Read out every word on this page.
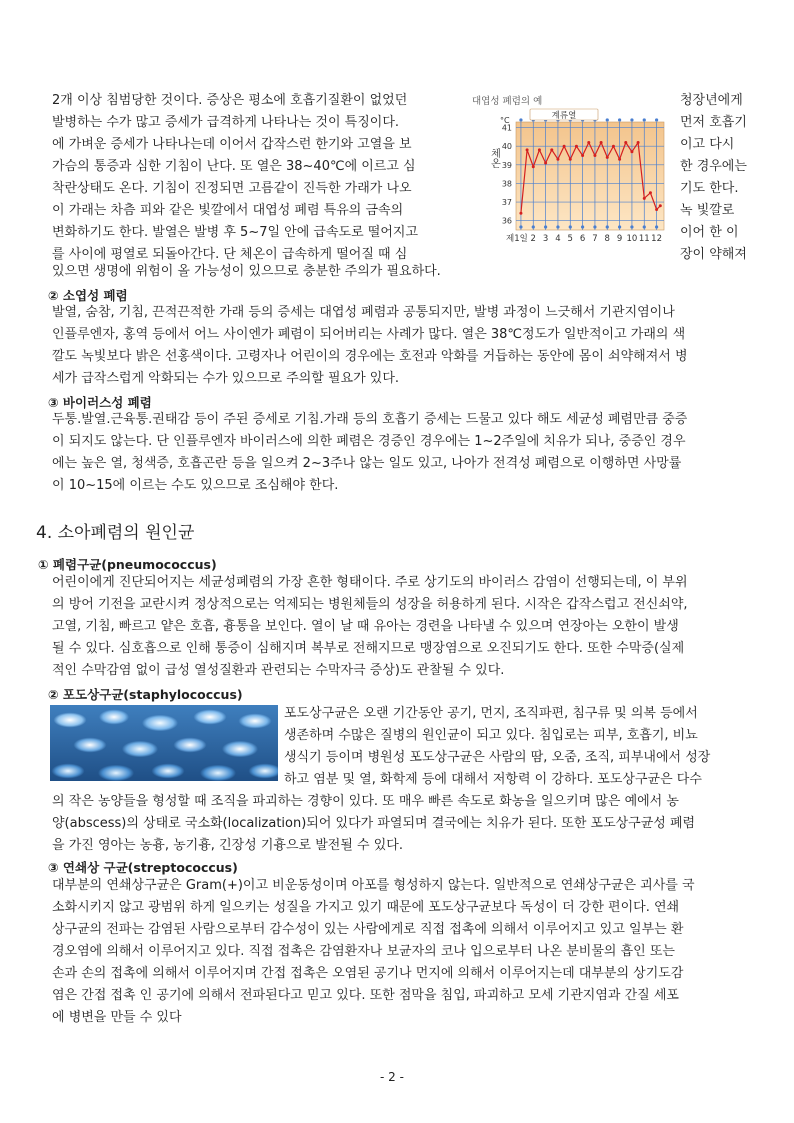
2개 이상 침범당한 것이다. 증상은 평소에 호흡기질환이 없었던
발병하는 수가 많고 증세가 급격하게 나타나는 것이 특징이다.
에 가벼운 증세가 나타나는데 이어서 갑작스런 한기와 고열을 보
가슴의 통증과 심한 기침이 난다. 또 열은 38~40℃에 이르고 심
착란상태도 온다. 기침이 진정되면 고름같이 진득한 가래가 나오
이 가래는 차츰 피와 같은 빛깔에서 대엽성 폐렴 특유의 금속의
변화하기도 한다. 발열은 발병 후 5~7일 안에 급속도로 떨어지고
를 사이에 평열로 되돌아간다. 단 체온이 급속하게 떨어질 때 심
청장년에게
먼저 호흡기
이고 다시
한 경우에는
기도 한다.
녹 빛깔로
이어 한 이
장이 약해져
있으면 생명에 위험이 올 가능성이 있으므로 충분한 주의가 필요하다.
대엽성 폐렴의 예
36
37
38
39
40
41
제1일 2 3 4 5 6 7 8 9 10 11 12
계류열
°C
체온
② 소엽성 폐렴
발열, 숨참, 기침, 끈적끈적한 가래 등의 증세는 대엽성 폐렴과 공통되지만, 발병 과정이 느긋해서 기관지염이나
인플루엔자, 홍역 등에서 어느 사이엔가 폐렴이 되어버리는 사례가 많다. 열은 38℃정도가 일반적이고 가래의 색
깔도 녹빛보다 밝은 선홍색이다. 고령자나 어린이의 경우에는 호전과 악화를 거듭하는 동안에 몸이 쇠약해져서 병
세가 급작스럽게 악화되는 수가 있으므로 주의할 필요가 있다.
③ 바이러스성 폐렴
두통.발열.근육통.권태감 등이 주된 증세로 기침.가래 등의 호흡기 증세는 드물고 있다 해도 세균성 폐렴만큼 중증
이 되지도 않는다. 단 인플루엔자 바이러스에 의한 폐렴은 경증인 경우에는 1~2주일에 치유가 되나, 중증인 경우
에는 높은 열, 청색증, 호흡곤란 등을 일으켜 2~3주나 않는 일도 있고, 나아가 전격성 폐렴으로 이행하면 사망률
이 10~15에 이르는 수도 있으므로 조심해야 한다.
4. 소아폐렴의 원인균
① 폐렴구균(pneumococcus)
어린이에게 진단되어지는 세균성폐렴의 가장 흔한 형태이다. 주로 상기도의 바이러스 감염이 선행되는데, 이 부위
의 방어 기전을 교란시켜 정상적으로는 억제되는 병원체들의 성장을 허용하게 된다. 시작은 갑작스럽고 전신쇠약,
고열, 기침, 빠르고 얕은 호흡, 흉통을 보인다. 열이 날 때 유아는 경련을 나타낼 수 있으며 연장아는 오한이 발생
될 수 있다. 심호흡으로 인해 통증이 심해지며 복부로 전해지므로 맹장염으로 오진되기도 한다. 또한 수막증(실제
적인 수막감염 없이 급성 열성질환과 관련되는 수막자극 증상)도 관찰될 수 있다.
② 포도상구균(staphylococcus)
포도상구균은 오랜 기간동안 공기, 먼지, 조직파편, 침구류 및 의복 등에서
생존하며 수많은 질병의 원인균이 되고 있다. 침입로는 피부, 호흡기, 비뇨
생식기 등이며 병원성 포도상구균은 사람의 땀, 오줌, 조직, 피부내에서 성장
하고 염분 및 열, 화학제 등에 대해서 저항력 이 강하다. 포도상구균은 다수
의 작은 농양들을 형성할 때 조직을 파괴하는 경향이 있다. 또 매우 빠른 속도로 화농을 일으키며 많은 예에서 농
양(abscess)의 상태로 국소화(localization)되어 있다가 파열되며 결국에는 치유가 된다. 또한 포도상구균성 폐렴
을 가진 영아는 농흉, 농기흉, 긴장성 기흉으로 발전될 수 있다.
③ 연쇄상 구균(streptococcus)
대부분의 연쇄상구균은 Gram(+)이고 비운동성이며 아포를 형성하지 않는다. 일반적으로 연쇄상구균은 괴사를 국
소화시키지 않고 광범위 하게 일으키는 성질을 가지고 있기 때문에 포도상구균보다 독성이 더 강한 편이다. 연쇄
상구균의 전파는 감염된 사람으로부터 감수성이 있는 사람에게로 직접 접촉에 의해서 이루어지고 있고 일부는 환
경오염에 의해서 이루어지고 있다. 직접 접촉은 감염환자나 보균자의 코나 입으로부터 나온 분비물의 흡인 또는
손과 손의 접촉에 의해서 이루어지며 간접 접촉은 오염된 공기나 먼지에 의해서 이루어지는데 대부분의 상기도감
염은 간접 접촉 인 공기에 의해서 전파된다고 믿고 있다. 또한 점막을 침입, 파괴하고 모세 기관지염과 간질 세포
에 병변을 만들 수 있다
- 2 -
